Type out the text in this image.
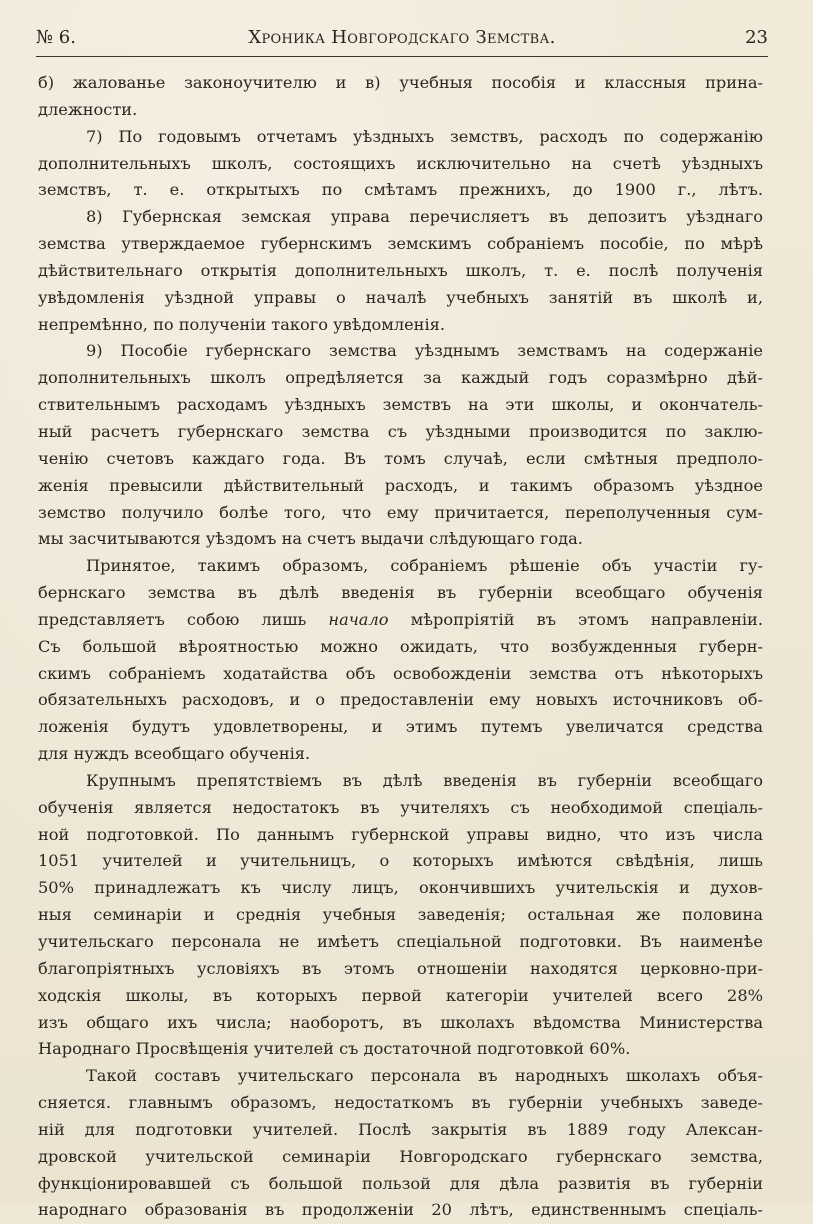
№ 6.	Хроника Новгородскаго Земства.	23
б) жалованье законоучителю и в) учебныя пособія и классныя прина-
длежности.
7) По годовымъ отчетамъ уѣздныхъ земствъ, расходъ по содержанію
дополнительныхъ школъ, состоящихъ исключительно на счетѣ уѣздныхъ
земствъ, т. е. открытыхъ по смѣтамъ прежнихъ, до 1900 г., лѣтъ.
8) Губернская земская управа перечисляетъ въ депозитъ уѣзднаго
земства утверждаемое губернскимъ земскимъ собраніемъ пособіе, по мѣрѣ
дѣйствительнаго открытія дополнительныхъ школъ, т. е. послѣ полученія
увѣдомленія уѣздной управы о началѣ учебныхъ занятій въ школѣ и,
непремѣнно, по полученіи такого увѣдомленія.
9) Пособіе губернскаго земства уѣзднымъ земствамъ на содержаніе
дополнительныхъ школъ опредѣляется за каждый годъ соразмѣрно дѣй-
ствительнымъ расходамъ уѣздныхъ земствъ на эти школы, и окончатель-
ный расчетъ губернскаго земства съ уѣздными производится по заклю-
ченію счетовъ каждаго года. Въ томъ случаѣ, если смѣтныя предполо-
женія превысили дѣйствительный расходъ, и такимъ образомъ уѣздное
земство получило болѣе того, что ему причитается, переполученныя сум-
мы засчитываются уѣздомъ на счетъ выдачи слѣдующаго года.
Принятое, такимъ образомъ, собраніемъ рѣшеніе объ участіи гу-
бернскаго земства въ дѣлѣ введенія въ губерніи всеобщаго обученія
представляетъ собою лишь начало мѣропріятій въ этомъ направленіи.
Съ большой вѣроятностью можно ожидать, что возбужденныя губерн-
скимъ собраніемъ ходатайства объ освобожденіи земства отъ нѣкоторыхъ
обязательныхъ расходовъ, и о предоставленіи ему новыхъ источниковъ об-
ложенія будутъ удовлетворены, и этимъ путемъ увеличатся средства
для нуждъ всеобщаго обученія.
Крупнымъ препятствіемъ въ дѣлѣ введенія въ губерніи всеобщаго
обученія является недостатокъ въ учителяхъ съ необходимой спеціаль-
ной подготовкой. По даннымъ губернской управы видно, что изъ числа
1051 учителей и учительницъ, о которыхъ имѣются свѣдѣнія, лишь
50% принадлежатъ къ числу лицъ, окончившихъ учительскія и духов-
ныя семинаріи и среднія учебныя заведенія; остальная же половина
учительскаго персонала не имѣетъ спеціальной подготовки. Въ наименѣе
благопріятныхъ условіяхъ въ этомъ отношеніи находятся церковно-при-
ходскія школы, въ которыхъ первой категоріи учителей всего 28%
изъ общаго ихъ числа; наоборотъ, въ школахъ вѣдомства Министерства
Народнаго Просвѣщенія учителей съ достаточной подготовкой 60%.
Такой составъ учительскаго персонала въ народныхъ школахъ объя-
сняется. главнымъ образомъ, недостаткомъ въ губерніи учебныхъ заведе-
ній для подготовки учителей. Послѣ закрытія въ 1889 году Алексан-
дровской учительской семинаріи Новгородскаго губернскаго земства,
функціонировавшей съ большой пользой для дѣла развитія въ губерніи
народнаго образованія въ продолженіи 20 лѣтъ, единственнымъ спеціаль-
